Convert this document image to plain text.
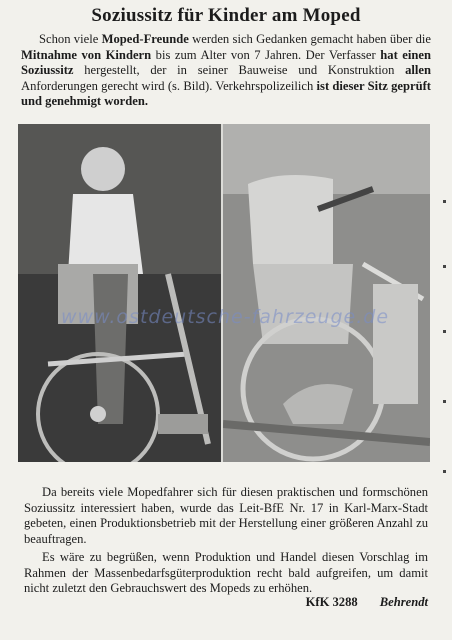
Soziussitz für Kinder am Moped
Schon viele Moped-Freunde werden sich Gedanken gemacht haben über die Mitnahme von Kindern bis zum Alter von 7 Jahren. Der Verfasser hat einen Soziussitz hergestellt, der in seiner Bauweise und Konstruktion allen Anforderungen gerecht wird (s. Bild). Verkehrspolizeilich ist dieser Sitz geprüft und genehmigt worden.
www.ostdeutsche-fahrzeuge.de
Da bereits viele Mopedfahrer sich für diesen praktischen und formschönen Soziussitz interessiert haben, wurde das Leit-BfE Nr. 17 in Karl-Marx-Stadt gebeten, einen Produktionsbetrieb mit der Herstellung einer größeren Anzahl zu beauftragen.
Es wäre zu begrüßen, wenn Produktion und Handel diesen Vorschlag im Rahmen der Massenbedarfsgüterproduktion recht bald aufgreifen, um damit nicht zuletzt den Gebrauchswert des Mopeds zu erhöhen.
KfK 3288 Behrendt
